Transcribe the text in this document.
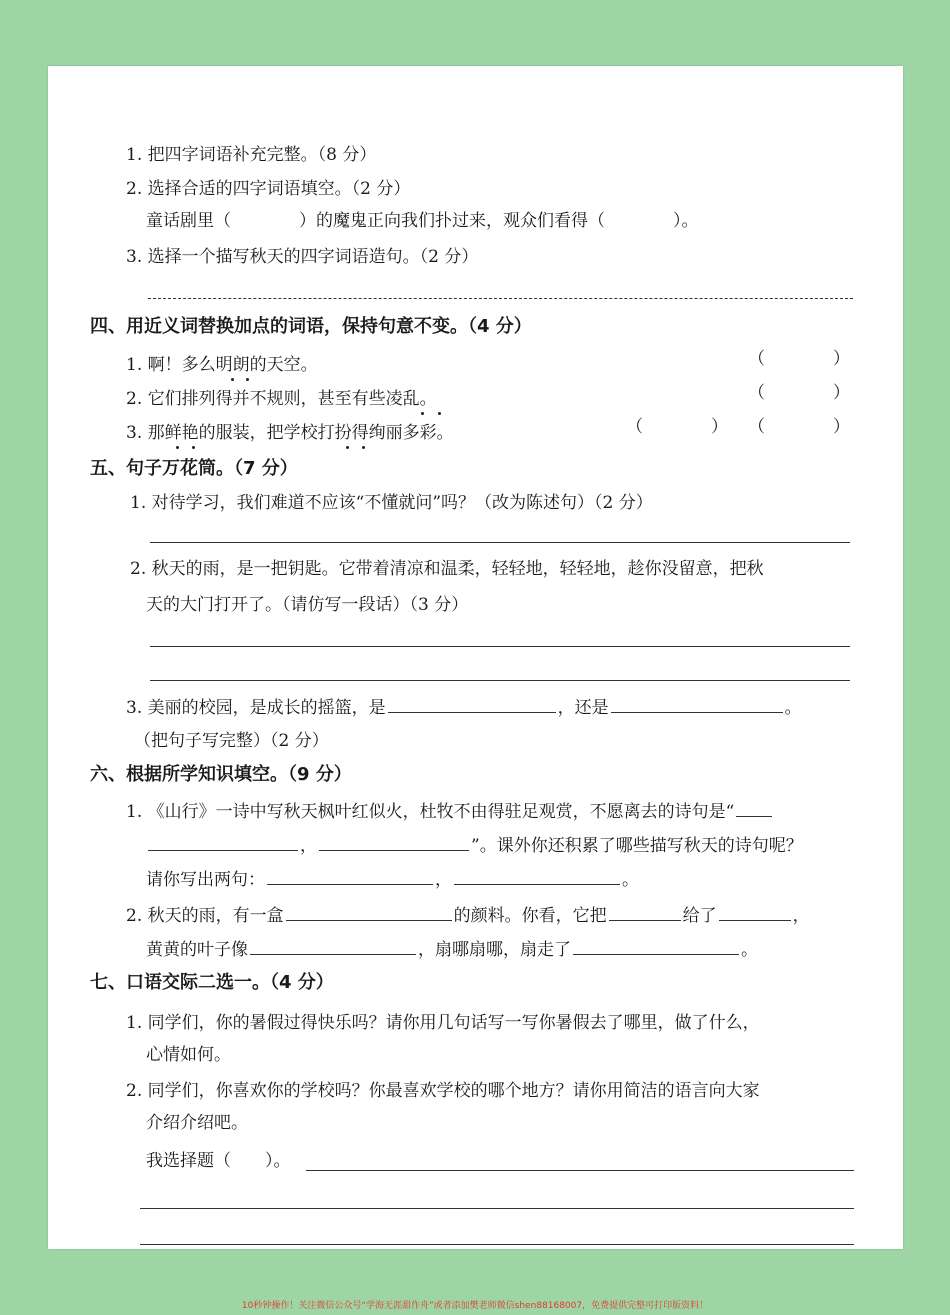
1. 把四字词语补充完整。（8 分）
2. 选择合适的四字词语填空。（2 分）
童话剧里（　　　　）的魔鬼正向我们扑过来，观众们看得（　　　　）。
3. 选择一个描写秋天的四字词语造句。（2 分）
四、用近义词替换加点的词语，保持句意不变。（4 分）
1. 啊！多么明朗的天空。	（　　　　）
2. 它们排列得并不规则，甚至有些凌乱。	（　　　　）
3. 那鲜艳的服装，把学校打扮得绚丽多彩。	（　　　　） （　　　　）
五、句子万花筒。（7 分）
1. 对待学习，我们难道不应该“不懂就问”吗？（改为陈述句）（2 分）
2. 秋天的雨，是一把钥匙。它带着清凉和温柔，轻轻地，轻轻地，趁你没留意，把秋
天的大门打开了。（请仿写一段话）（3 分）
3. 美丽的校园，是成长的摇篮，是	，还是	。
（把句子写完整）（2 分）
六、根据所学知识填空。（9 分）
1. 《山行》一诗中写秋天枫叶红似火，杜牧不由得驻足观赏，不愿离去的诗句是“
，	”。课外你还积累了哪些描写秋天的诗句呢？
请你写出两句：	，	。
2. 秋天的雨，有一盒	的颜料。你看，它把	给了	，
黄黄的叶子像	，扇哪扇哪，扇走了	。
七、口语交际二选一。（4 分）
1. 同学们，你的暑假过得快乐吗？请你用几句话写一写你暑假去了哪里，做了什么，
心情如何。
2. 同学们，你喜欢你的学校吗？你最喜欢学校的哪个地方？请你用简洁的语言向大家
介绍介绍吧。
我选择题（　　）。
10秒钟操作！关注微信公众号“学海无涯甜作舟”或者添加樊老师微信shen88168007，免费提供完整可打印版资料！
